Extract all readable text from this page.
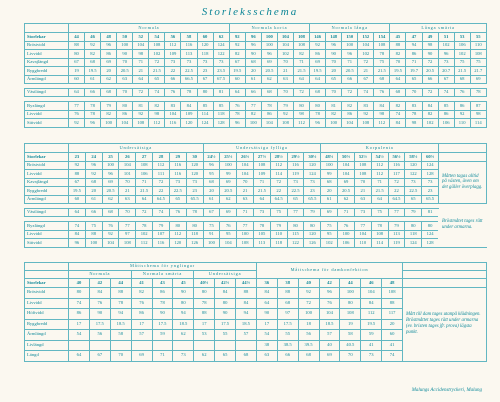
Storleksschema
	Normala										Normala korta					Normala långa					Långa smärta					
Storlekar	44	46	48	50	52	54	56	58	60	62	92	96	100	104	108	146	148	150	152	154	45	47	49	51	53	55
Bröstvidd	88	92	96	100	104	108	112	116	120	124	92	96	100	104	108	92	96	100	104	108	88	94	98	102	106	110
Livvidd	80	82	86	90	98	102	109	113	118	122	82	90	96	102	82	86	90	96	102	78	82	86	90	96	102	108
Kavajlängd	67	68	69	70	71	72	73	73	73	73	67	68	69	70	71	69	70	71	72	75	70	71	72	73	75	75
Ryggbredd	19	19.5	20	20.5	21	21.5	22	22.5	23	23.5	19.5	20	20.5	21	21.5	19.5	20	20.5	21	21.5	19.5	19.7	20.5	20.7	21.5	21.7
Ärmlängd	60	61	62	63	64	65	66	66.5	67	67.5	60	61	62	63	64	64	65	66	67	68	64	65	66	67	68	69

Västlängd	64	66	68	70	72	74	76	78	80	81	64	66	68	70	72	68	70	72	74	76	68	70	72	74	76	78

Byxlängd	77	78	79	80	81	82	83	84	85	85	76	77	78	79	80	80	81	82	83	84	82	83	84	85	86	87
Livvidd	76	78	82	86	92	98	104	109	114	118	78	82	86	92	98	78	82	86	92	98	74	78	82	86	92	98
Sittvidd	92	96	100	104	108	112	116	120	124	128	96	100	104	108	112	96	100	104	108	112	84	98	102	106	110	114
	Undersätsiga								Undersätsiga fylliga							Korpulenta							
Storlekar	23	24	25	26	27	28	29	30	24½	25½	26½	27½	28½	29½	30½	48½	50½	52½	54½	56½	58½	60½	
Bröstvidd	92	96	100	104	108	112	116	120	96	100	104	108	112	116	120	100	104	108	112	116	120	124	Måtten tagas alltid på västen, även om det gäller överplagg.
Livvidd	88	92	96	101	106	111	116	120	95	99	104	109	114	119	124	99	104	108	112	117	122	128	
Kavajlängd	67	68	69	70	71	72	73	73	68	69	70	71	72	73	73	68	69	70	71	72	73	73	
Ryggbredd	19.5	20	20.5	21	21.5	22	22.5	23	20	20.5	21	21.5	22	22.5	23	20	20.5	21	21.5	22	22.5	23	
Ärmlängd	60	61	62	63	64	64.5	65	65.5	61	62	63	64	64.5	65	65.5	61	62	63	64	64.5	65	65.5	
																							Bröstmåtet tages rätt under armarna.
Västlängd	64	66	68	70	72	74	76	78	67	69	71	73	75	77	79	69	71	73	75	77	79	81	

Byxlängd	74	75	76	77	78	79	80	80	75	76	77	78	79	80	80	75	76	77	78	79	80	80	
Livvidd	84	88	92	97	102	107	112	118	91	95	100	105	110	115	120	95	100	104	108	113	118	124	
Sittvidd	96	100	104	108	112	116	120	126	100	104	108	113	118	122	126	102	106	110	114	119	124	128	
	Måttschema för ynglingar									Måttschema för damkonfektion							
	Normala			Normala smärta			Undersätsiga										
Storlekar	40	42	44	41	43	45	40½	42½	44½	36	38	40	42	44	46	48	
Bröstvidd	80	84	88	82	86	90	80	84	88	84	88	92	96	100	104	108	Mått till dam tages utanpå klädningen. Bröstmåttet tages rätt under armarna (ev. bristen tages jfr. prova) lägsta punkt.
Livvidd	74	76	78	76	78	80	78	80	84	64	68	72	76	80	84	88	
Höftvidd	86	90	94	86	90	94	88	90	94	90	97	100	104	108	112	117	
Ryggbredd	17	17.5	18.5	17	17.5	18.5	17	17.5	18.5	17	17.5	18	18.5	19	19.5	20	
Ärmlängd	54	56	58	57	59	62	53	55	57	54	55	56	57	58	59	60	
Livlängd										38	38.5	39.5	40	40.5	41	41	
Längd	64	67	70	69	71	73	62	65	68	63	66	68	69	70	73	74	
Malungs Accidenstryckeri, Malung
